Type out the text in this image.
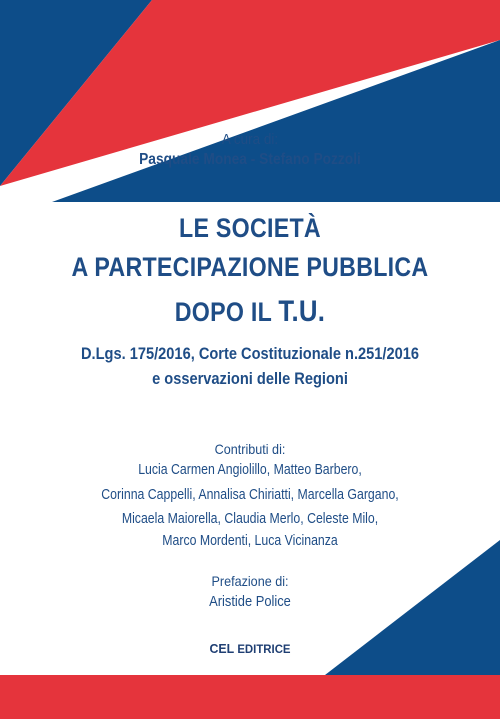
A cura di:
Pasquale Monea - Stefano Pozzoli
LE SOCIETÀ
A PARTECIPAZIONE PUBBLICA
DOPO IL T.U.
D.Lgs. 175/2016, Corte Costituzionale n.251/2016
e osservazioni delle Regioni
Contributi di:
Lucia Carmen Angiolillo, Matteo Barbero,
Corinna Cappelli, Annalisa Chiriatti, Marcella Gargano,
Micaela Maiorella, Claudia Merlo, Celeste Milo,
Marco Mordenti, Luca Vicinanza
Prefazione di:
Aristide Police
CEL EDITRICE
